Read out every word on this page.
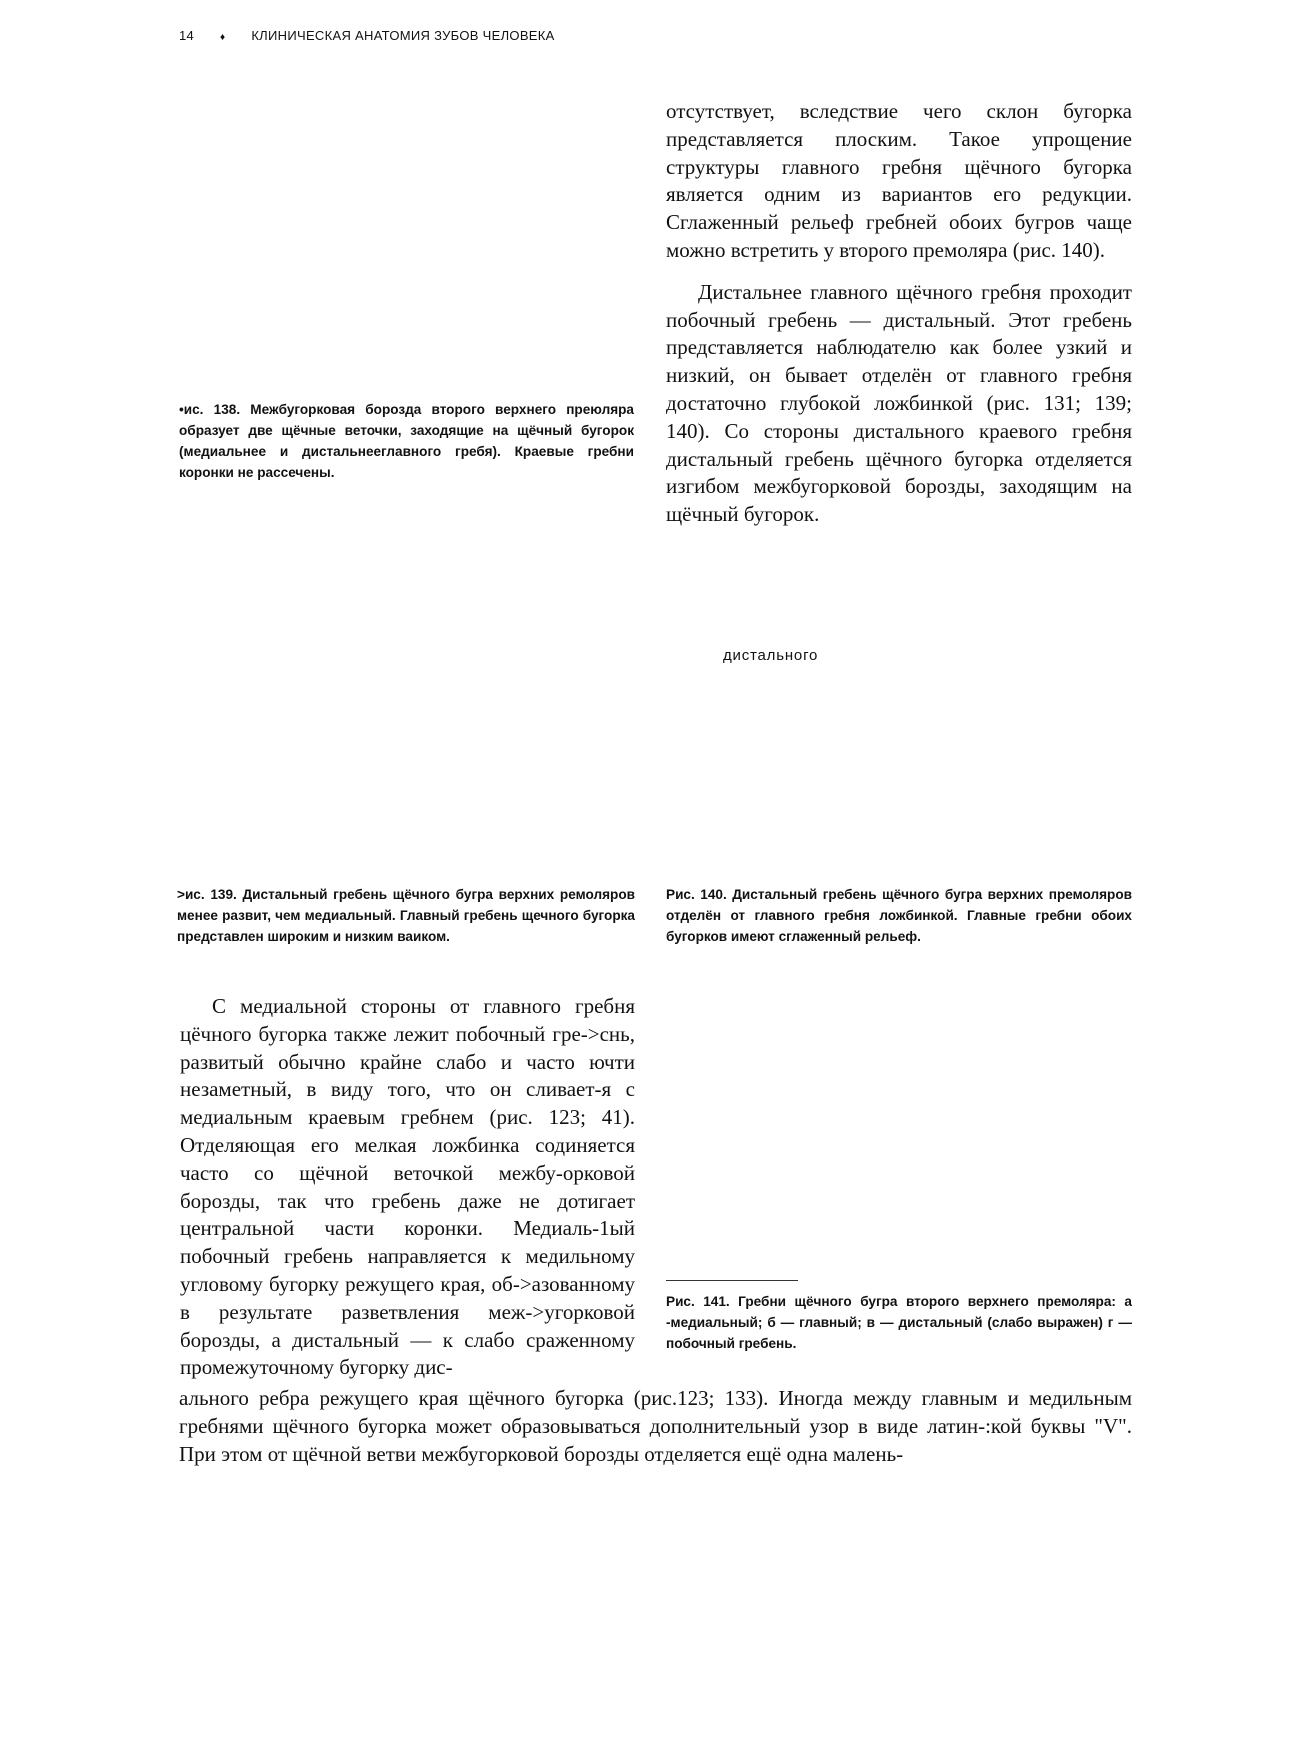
14	♦ КЛИНИЧЕСКАЯ АНАТОМИЯ ЗУБОВ ЧЕЛОВЕКА

отсутствует, вследствие чего склон бугорка представляется плоским. Такое упрощение структуры главного гребня щёчного бугорка является одним из вариантов его редукции. Сглаженный рельеф гребней обоих бугров чаще можно встретить у второго премоляра (рис. 140).

Дистальнее главного щёчного гребня проходит побочный гребень — дистальный. Этот гребень представляется наблюдателю как более узкий и низкий, он бывает отделён от главного гребня достаточно глубокой ложбинкой (рис. 131; 139; 140). Со стороны дистального краевого гребня дистальный гребень щёчного бугорка отделяется изгибом межбугорковой борозды, заходящим на щёчный бугорок.

•ис. 138. Межбугорковая борозда второго верхнего преюляра образует две щёчные веточки, заходящие на щёчный бугорок (медиальнее и дистальнееглавного гребя). Краевые гребни коронки не рассечены.
дистального
>ис. 139. Дистальный гребень щёчного бугра верхних ремоляров менее развит, чем медиальный. Главный гребень щечного бугорка представлен широким и низким ваиком.
Рис. 140. Дистальный гребень щёчного бугра верхних премоляров отделён от главного гребня ложбинкой. Главные гребни обоих бугорков имеют сглаженный рельеф.

С медиальной стороны от главного гребня цёчного бугорка также лежит побочный гре->снь, развитый обычно крайне слабо и часто ючти незаметный, в виду того, что он сливает-я с медиальным краевым гребнем (рис. 123; 41). Отделяющая его мелкая ложбинка содиняется часто со щёчной веточкой межбу-орковой борозды, так что гребень даже не дотигает центральной части коронки. Медиаль-1ый побочный гребень направляется к медильному угловому бугорку режущего края, об->азованному в результате разветвления меж->угорковой борозды, а дистальный — к слабо сраженному промежуточному бугорку дис-

Рис. 141. Гребни щёчного бугра второго верхнего премоляра: а -медиальный; б — главный; в — дистальный (слабо выражен) г — побочный гребень.

ального ребра режущего края щёчного бугорка (рис.123; 133). Иногда между главным и медильным гребнями щёчного бугорка может образовываться дополнительный узор в виде латин-:кой буквы "V". При этом от щёчной ветви межбугорковой борозды отделяется ещё одна малень-
